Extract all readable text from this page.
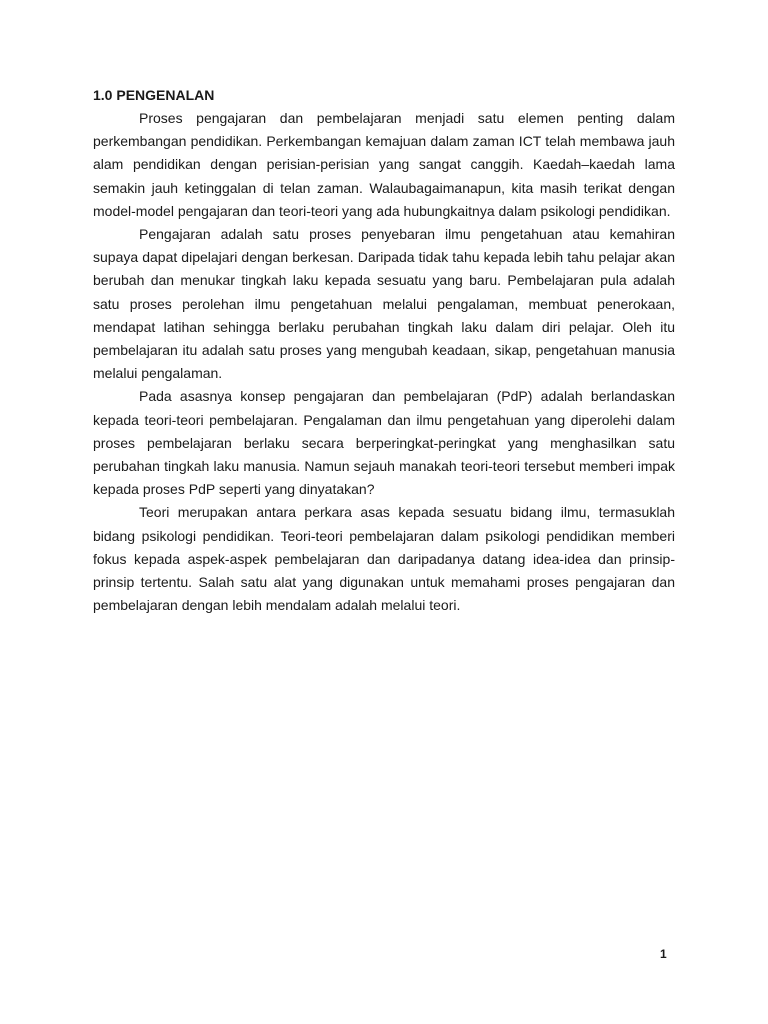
1.0 PENGENALAN

Proses pengajaran dan pembelajaran menjadi satu elemen penting dalam perkembangan pendidikan. Perkembangan kemajuan dalam zaman ICT telah membawa jauh alam pendidikan dengan perisian-perisian yang sangat canggih. Kaedah–kaedah lama semakin jauh ketinggalan di telan zaman. Walaubagaimanapun, kita masih terikat dengan model-model pengajaran dan teori-teori yang ada hubungkaitnya dalam psikologi pendidikan.

Pengajaran adalah satu proses penyebaran ilmu pengetahuan atau kemahiran supaya dapat dipelajari dengan berkesan. Daripada tidak tahu kepada lebih tahu pelajar akan berubah dan menukar tingkah laku kepada sesuatu yang baru. Pembelajaran pula adalah satu proses perolehan ilmu pengetahuan melalui pengalaman, membuat penerokaan, mendapat latihan sehingga berlaku perubahan tingkah laku dalam diri pelajar. Oleh itu pembelajaran itu adalah satu proses yang mengubah keadaan, sikap, pengetahuan manusia melalui pengalaman.

Pada asasnya konsep pengajaran dan pembelajaran (PdP) adalah berlandaskan kepada teori-teori pembelajaran. Pengalaman dan ilmu pengetahuan yang diperolehi dalam proses pembelajaran berlaku secara berperingkat-peringkat yang menghasilkan satu perubahan tingkah laku manusia. Namun sejauh manakah teori-teori tersebut memberi impak kepada proses PdP seperti yang dinyatakan?

Teori merupakan antara perkara asas kepada sesuatu bidang ilmu, termasuklah bidang psikologi pendidikan. Teori-teori pembelajaran dalam psikologi pendidikan memberi fokus kepada aspek-aspek pembelajaran dan daripadanya datang idea-idea dan prinsip-prinsip tertentu. Salah satu alat yang digunakan untuk memahami proses pengajaran dan pembelajaran dengan lebih mendalam adalah melalui teori.

1
